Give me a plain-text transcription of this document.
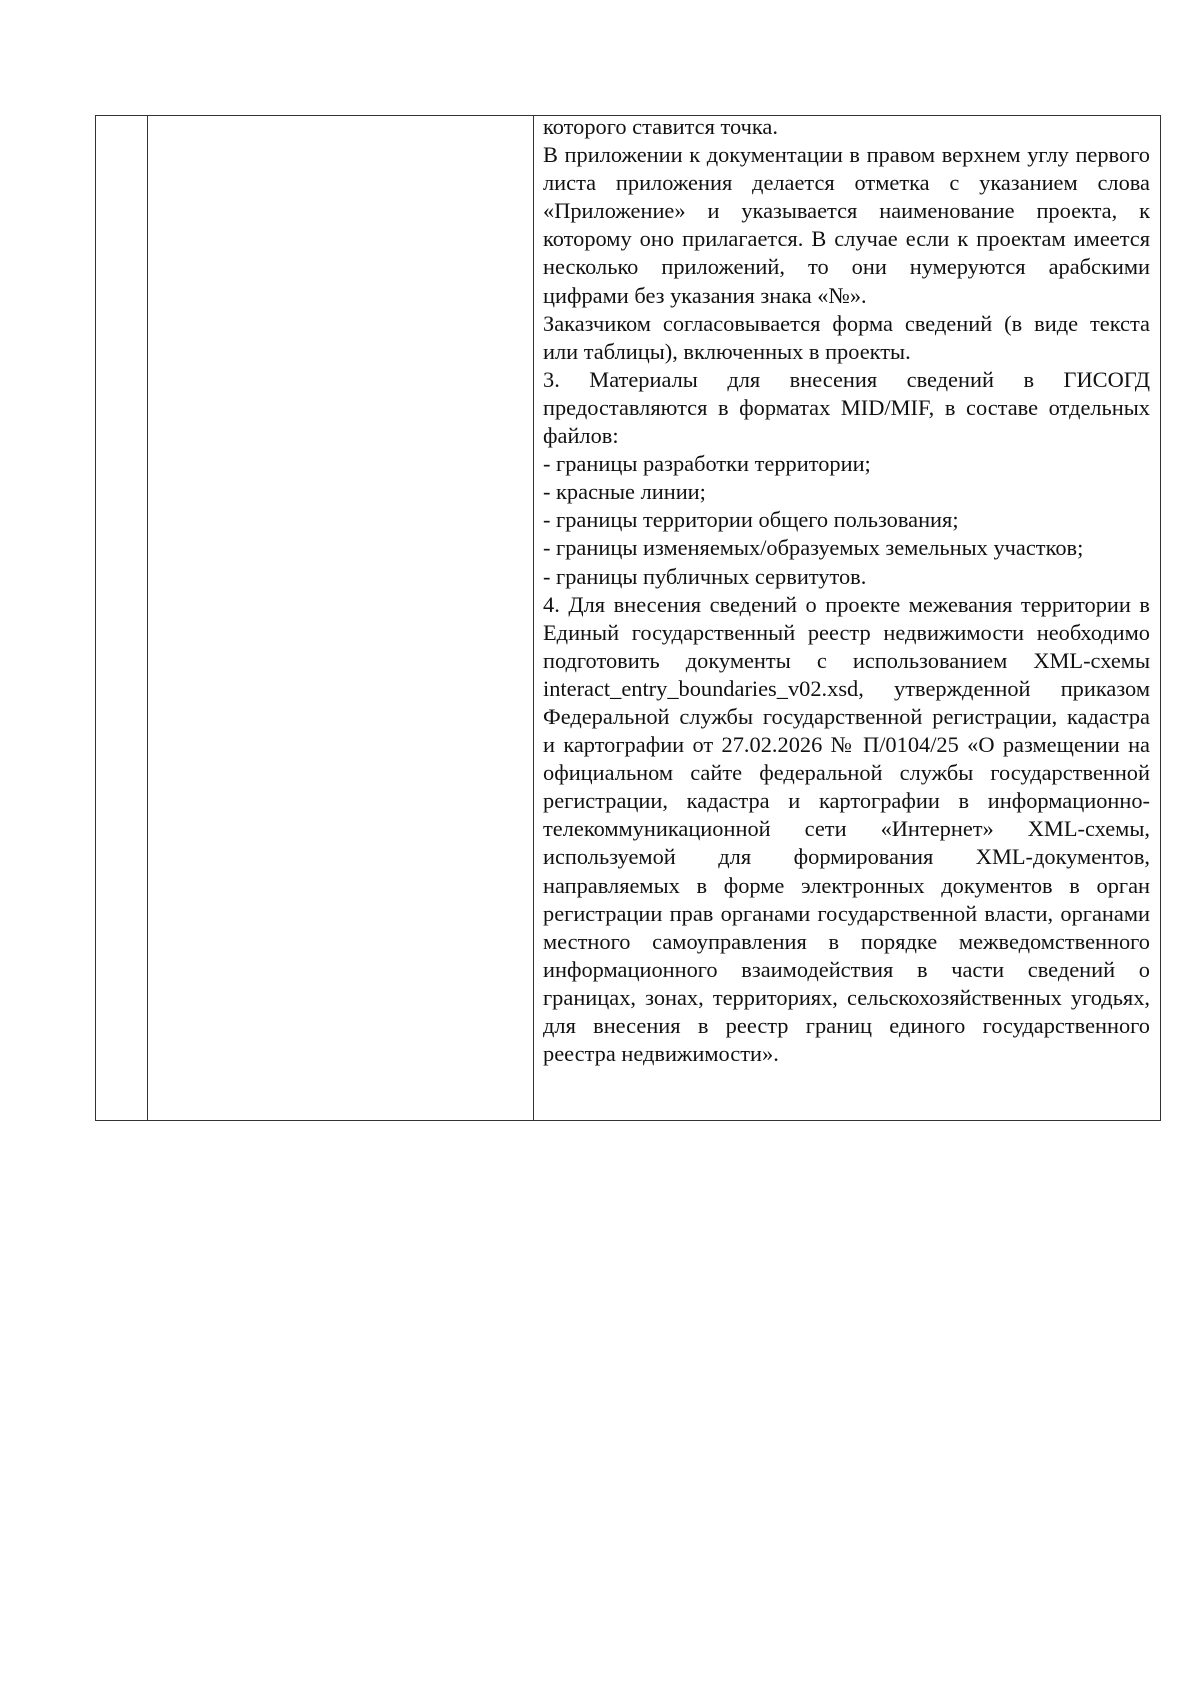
которого ставится точка.

В приложении к документации в правом верхнем углу первого листа приложения делается отметка с указанием слова «Приложение» и указывается наименование проекта, к которому оно прилагается. В случае если к проектам имеется несколько приложений, то они нумеруются арабскими цифрами без указания знака «№».

Заказчиком согласовывается форма сведений (в виде текста или таблицы), включенных в проекты.

3. Материалы для внесения сведений в ГИСОГД предоставляются в форматах MID/MIF, в составе отдельных файлов:

- границы разработки территории;

- красные линии;

- границы территории общего пользования;

- границы изменяемых/образуемых земельных участков;

- границы публичных сервитутов.

4. Для внесения сведений о проекте межевания территории в Единый государственный реестр недвижимости необходимо подготовить документы с использованием XML-схемы interact_entry_boundaries_v02.xsd, утвержденной приказом Федеральной службы государственной регистрации, кадастра и картографии от 27.02.2026 № П/0104/25 «О размещении на официальном сайте федеральной службы государственной регистрации, кадастра и картографии в информационно-телекоммуникационной сети «Интернет» XML-схемы, используемой для формирования XML-документов, направляемых в форме электронных документов в орган регистрации прав органами государственной власти, органами местного самоуправления в порядке межведомственного информационного взаимодействия в части сведений о границах, зонах, территориях, сельскохозяйственных угодьях, для внесения в реестр границ единого государственного реестра недвижимости».
